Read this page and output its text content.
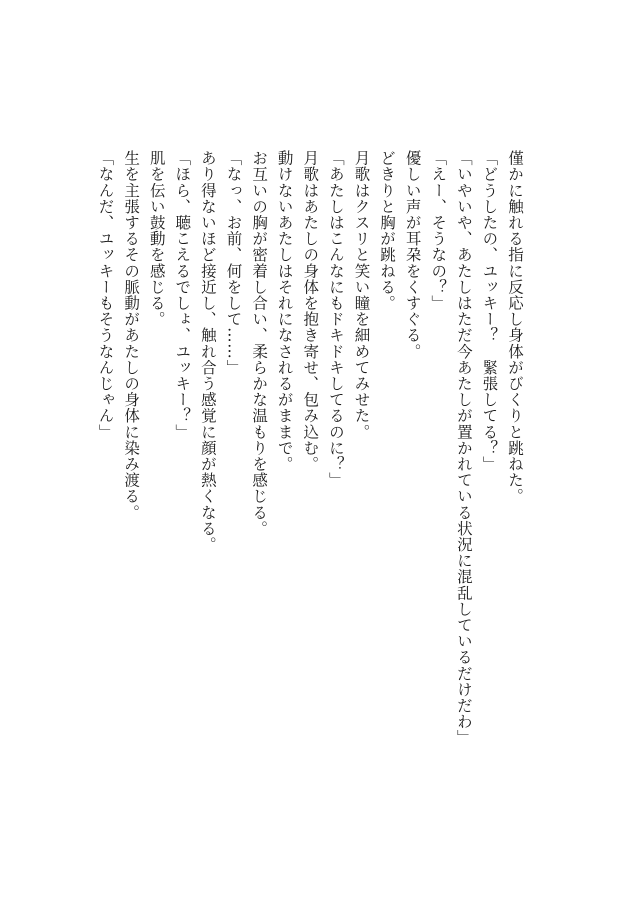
僅かに触れる指に反応し身体がびくりと跳ねた。
「どうしたの、ユッキー？　緊張してる？」
「いやいや、あたしはただ今あたしが置かれている状況に混乱しているだけだわ」
「えー、そうなの？」
優しい声が耳朶をくすぐる。
どきりと胸が跳ねる。
月歌はクスリと笑い瞳を細めてみせた。
「あたしはこんなにもドキドキしてるのに？」
月歌はあたしの身体を抱き寄せ、包み込む。
動けないあたしはそれになされるがままで。
お互いの胸が密着し合い、柔らかな温もりを感じる。
「なっ、お前、何をして……」
あり得ないほど接近し、触れ合う感覚に顔が熱くなる。
「ほら、聴こえるでしょ、ユッキー？」
肌を伝い鼓動を感じる。
生を主張するその脈動があたしの身体に染み渡る。
「なんだ、ユッキーもそうなんじゃん」
